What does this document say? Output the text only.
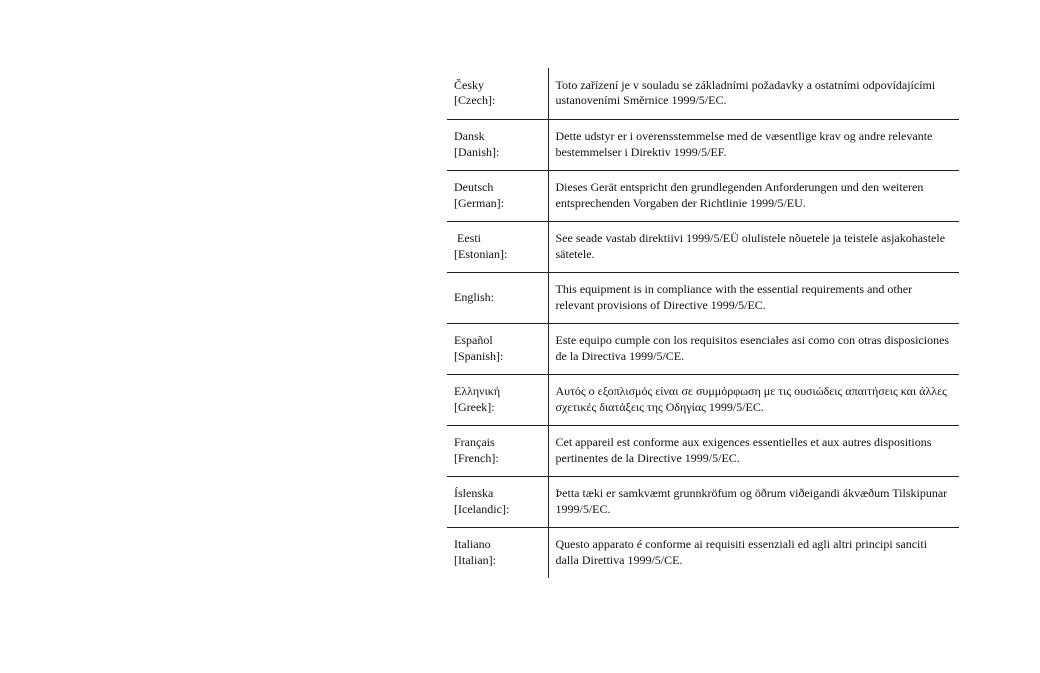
Česky
[Czech]:	Toto zařízení je v souladu se základními požadavky a ostatními odpovídajícími ustanoveními Směrnice 1999/5/EC.

Dansk
[Danish]:	Dette udstyr er i overensstemmelse med de væsentlige krav og andre relevante bestemmelser i Direktiv 1999/5/EF.

Deutsch
[German]:	Dieses Gerät entspricht den grundlegenden Anforderungen und den weiteren entsprechenden Vorgaben der Richtlinie 1999/5/EU.

Eesti
[Estonian]:	See seade vastab direktiivi 1999/5/EÜ olulistele nõuetele ja teistele asjakohastele sätetele.

English:	This equipment is in compliance with the essential requirements and other relevant provisions of Directive 1999/5/EC.

Español
[Spanish]:	Este equipo cumple con los requisitos esenciales asi como con otras disposiciones de la Directiva 1999/5/CE.

Ελληνική
[Greek]:	Αυτός ο εξοπλισμός είναι σε συμμόρφωση με τις ουσιώδεις απαιτήσεις και άλλες σχετικές διατάξεις της Οδηγίας 1999/5/EC.

Français
[French]:	Cet appareil est conforme aux exigences essentielles et aux autres dispositions pertinentes de la Directive 1999/5/EC.

Íslenska
[Icelandic]:	Þetta tæki er samkvæmt grunnkröfum og öðrum viðeigandi ákvæðum Tilskipunar 1999/5/EC.

Italiano
[Italian]:	Questo apparato é conforme ai requisiti essenziali ed agli altri principi sanciti dalla Direttiva 1999/5/CE.
